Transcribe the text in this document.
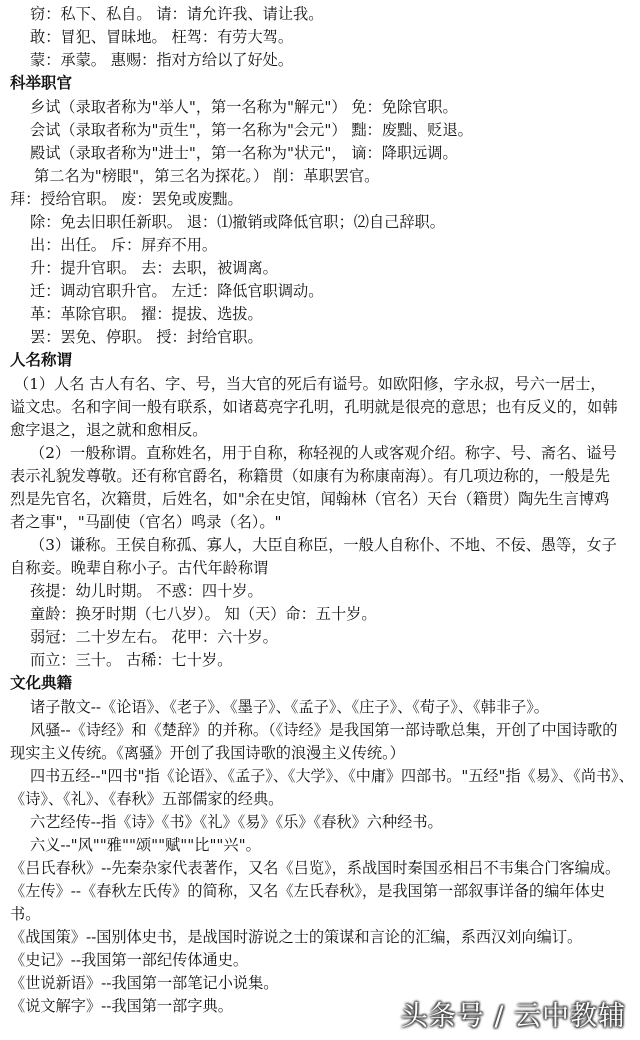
窃：私下、私自。 请：请允许我、请让我。
敢：冒犯、冒昧地。 枉驾：有劳大驾。
蒙：承蒙。 惠赐：指对方给以了好处。
科举职官
乡试（录取者称为"举人"，第一名称为"解元"） 免：免除官职。
会试（录取者称为"贡生"，第一名称为"会元"） 黜：废黜、贬退。
殿试（录取者称为"进士"，第一名称为"状元"， 谪：降职远调。
第二名为"榜眼"，第三名为探花。） 削：革职罢官。
拜：授给官职。 废：罢免或废黜。
除：免去旧职任新职。 退：⑴撤销或降低官职；⑵自己辞职。
出：出任。 斥：屏弃不用。
升：提升官职。 去：去职，被调离。
迁：调动官职升官。 左迁：降低官职调动。
革：革除官职。 擢：提拔、选拔。
罢：罢免、停职。 授：封给官职。
人名称谓
（1）人名 古人有名、字、号，当大官的死后有谥号。如欧阳修，字永叔，号六一居士，
谥文忠。名和字间一般有联系，如诸葛亮字孔明，孔明就是很亮的意思；也有反义的，如韩
愈字退之，退之就和愈相反。
（2）一般称谓。直称姓名，用于自称，称轻视的人或客观介绍。称字、号、斋名、谥号
表示礼貌发尊敬。还有称官爵名，称籍贯（如康有为称康南海）。有几项边称的，一般是先
烈是先官名，次籍贯，后姓名，如"余在史馆，闻翰林（官名）天台（籍贯）陶先生言博鸡
者之事"，"马副使（官名）鸣录（名）。"
（3）谦称。王侯自称孤、寡人，大臣自称臣，一般人自称仆、不地、不佞、愚等，女子
自称妾。晚辈自称小子。古代年龄称谓
孩提：幼儿时期。 不惑：四十岁。
童龄：换牙时期（七八岁）。 知（天）命：五十岁。
弱冠：二十岁左右。 花甲：六十岁。
而立：三十。 古稀：七十岁。
文化典籍
诸子散文--《论语》、《老子》、《墨子》、《孟子》、《庄子》、《荀子》、《韩非子》。
风骚--《诗经》和《楚辞》的并称。（《诗经》是我国第一部诗歌总集，开创了中国诗歌的
现实主义传统。《离骚》开创了我国诗歌的浪漫主义传统。）
四书五经--"四书"指《论语》、《孟子》、《大学》、《中庸》四部书。"五经"指《易》、《尚书》、
《诗》、《礼》、《春秋》五部儒家的经典。
六艺经传--指《诗》《书》《礼》《易》《乐》《春秋》六种经书。
六义--"风""雅""颂""赋""比""兴"。
《吕氏春秋》--先秦杂家代表著作，又名《吕览》，系战国时秦国丞相吕不韦集合门客编成。
《左传》--《春秋左氏传》的简称，又名《左氏春秋》，是我国第一部叙事详备的编年体史
书。
《战国策》--国别体史书，是战国时游说之士的策谋和言论的汇编，系西汉刘向编订。
《史记》--我国第一部纪传体通史。
《世说新语》--我国第一部笔记小说集。
《说文解字》--我国第一部字典。	头条号 / 云中教辅
